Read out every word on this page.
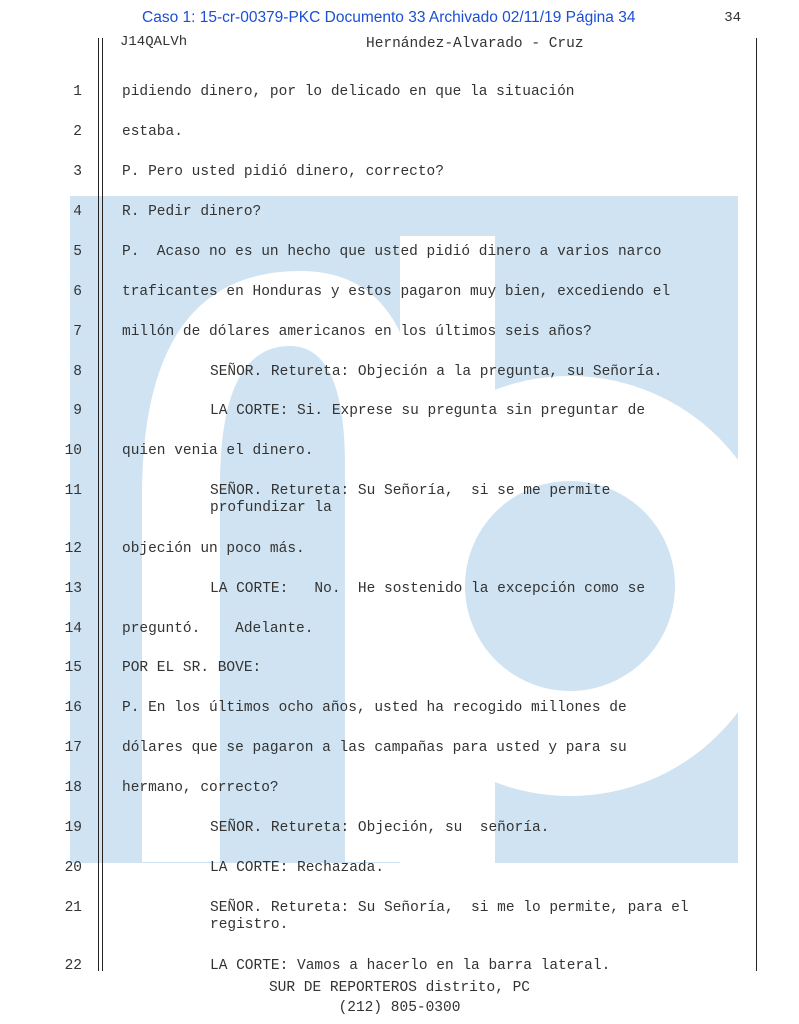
Caso 1: 15-cr-00379-PKC Documento 33 Archivado 02/11/19 Página 34	34
J14QALVh	Hernández-Alvarado - Cruz
1	pidiendo dinero, por lo delicado en que la situación
2	estaba.
3	P. Pero usted pidió dinero, correcto?
4	R. Pedir dinero?
5	P.  Acaso no es un hecho que usted pidió dinero a varios narco
6	traficantes en Honduras y estos pagaron muy bien, excediendo el
7	millón de dólares americanos en los últimos seis años?
8	SEÑOR. Retureta: Objeción a la pregunta, su Señoría.
9	LA CORTE: Si. Exprese su pregunta sin preguntar de
10	quien venia el dinero.
11	SEÑOR. Retureta: Su Señoría,  si se me permite
profundizar la
12	objeción un poco más.
13	LA CORTE:   No.  He sostenido la excepción como se
14	preguntó.    Adelante.
15	POR EL SR. BOVE:
16	P. En los últimos ocho años, usted ha recogido millones de
17	dólares que se pagaron a las campañas para usted y para su
18	hermano, correcto?
19	SEÑOR. Retureta: Objeción, su  señoría.
20	LA CORTE: Rechazada.
21	SEÑOR. Retureta: Su Señoría,  si me lo permite, para el
registro.
22	LA CORTE: Vamos a hacerlo en la barra lateral.
SUR DE REPORTEROS distrito, PC
(212) 805-0300
